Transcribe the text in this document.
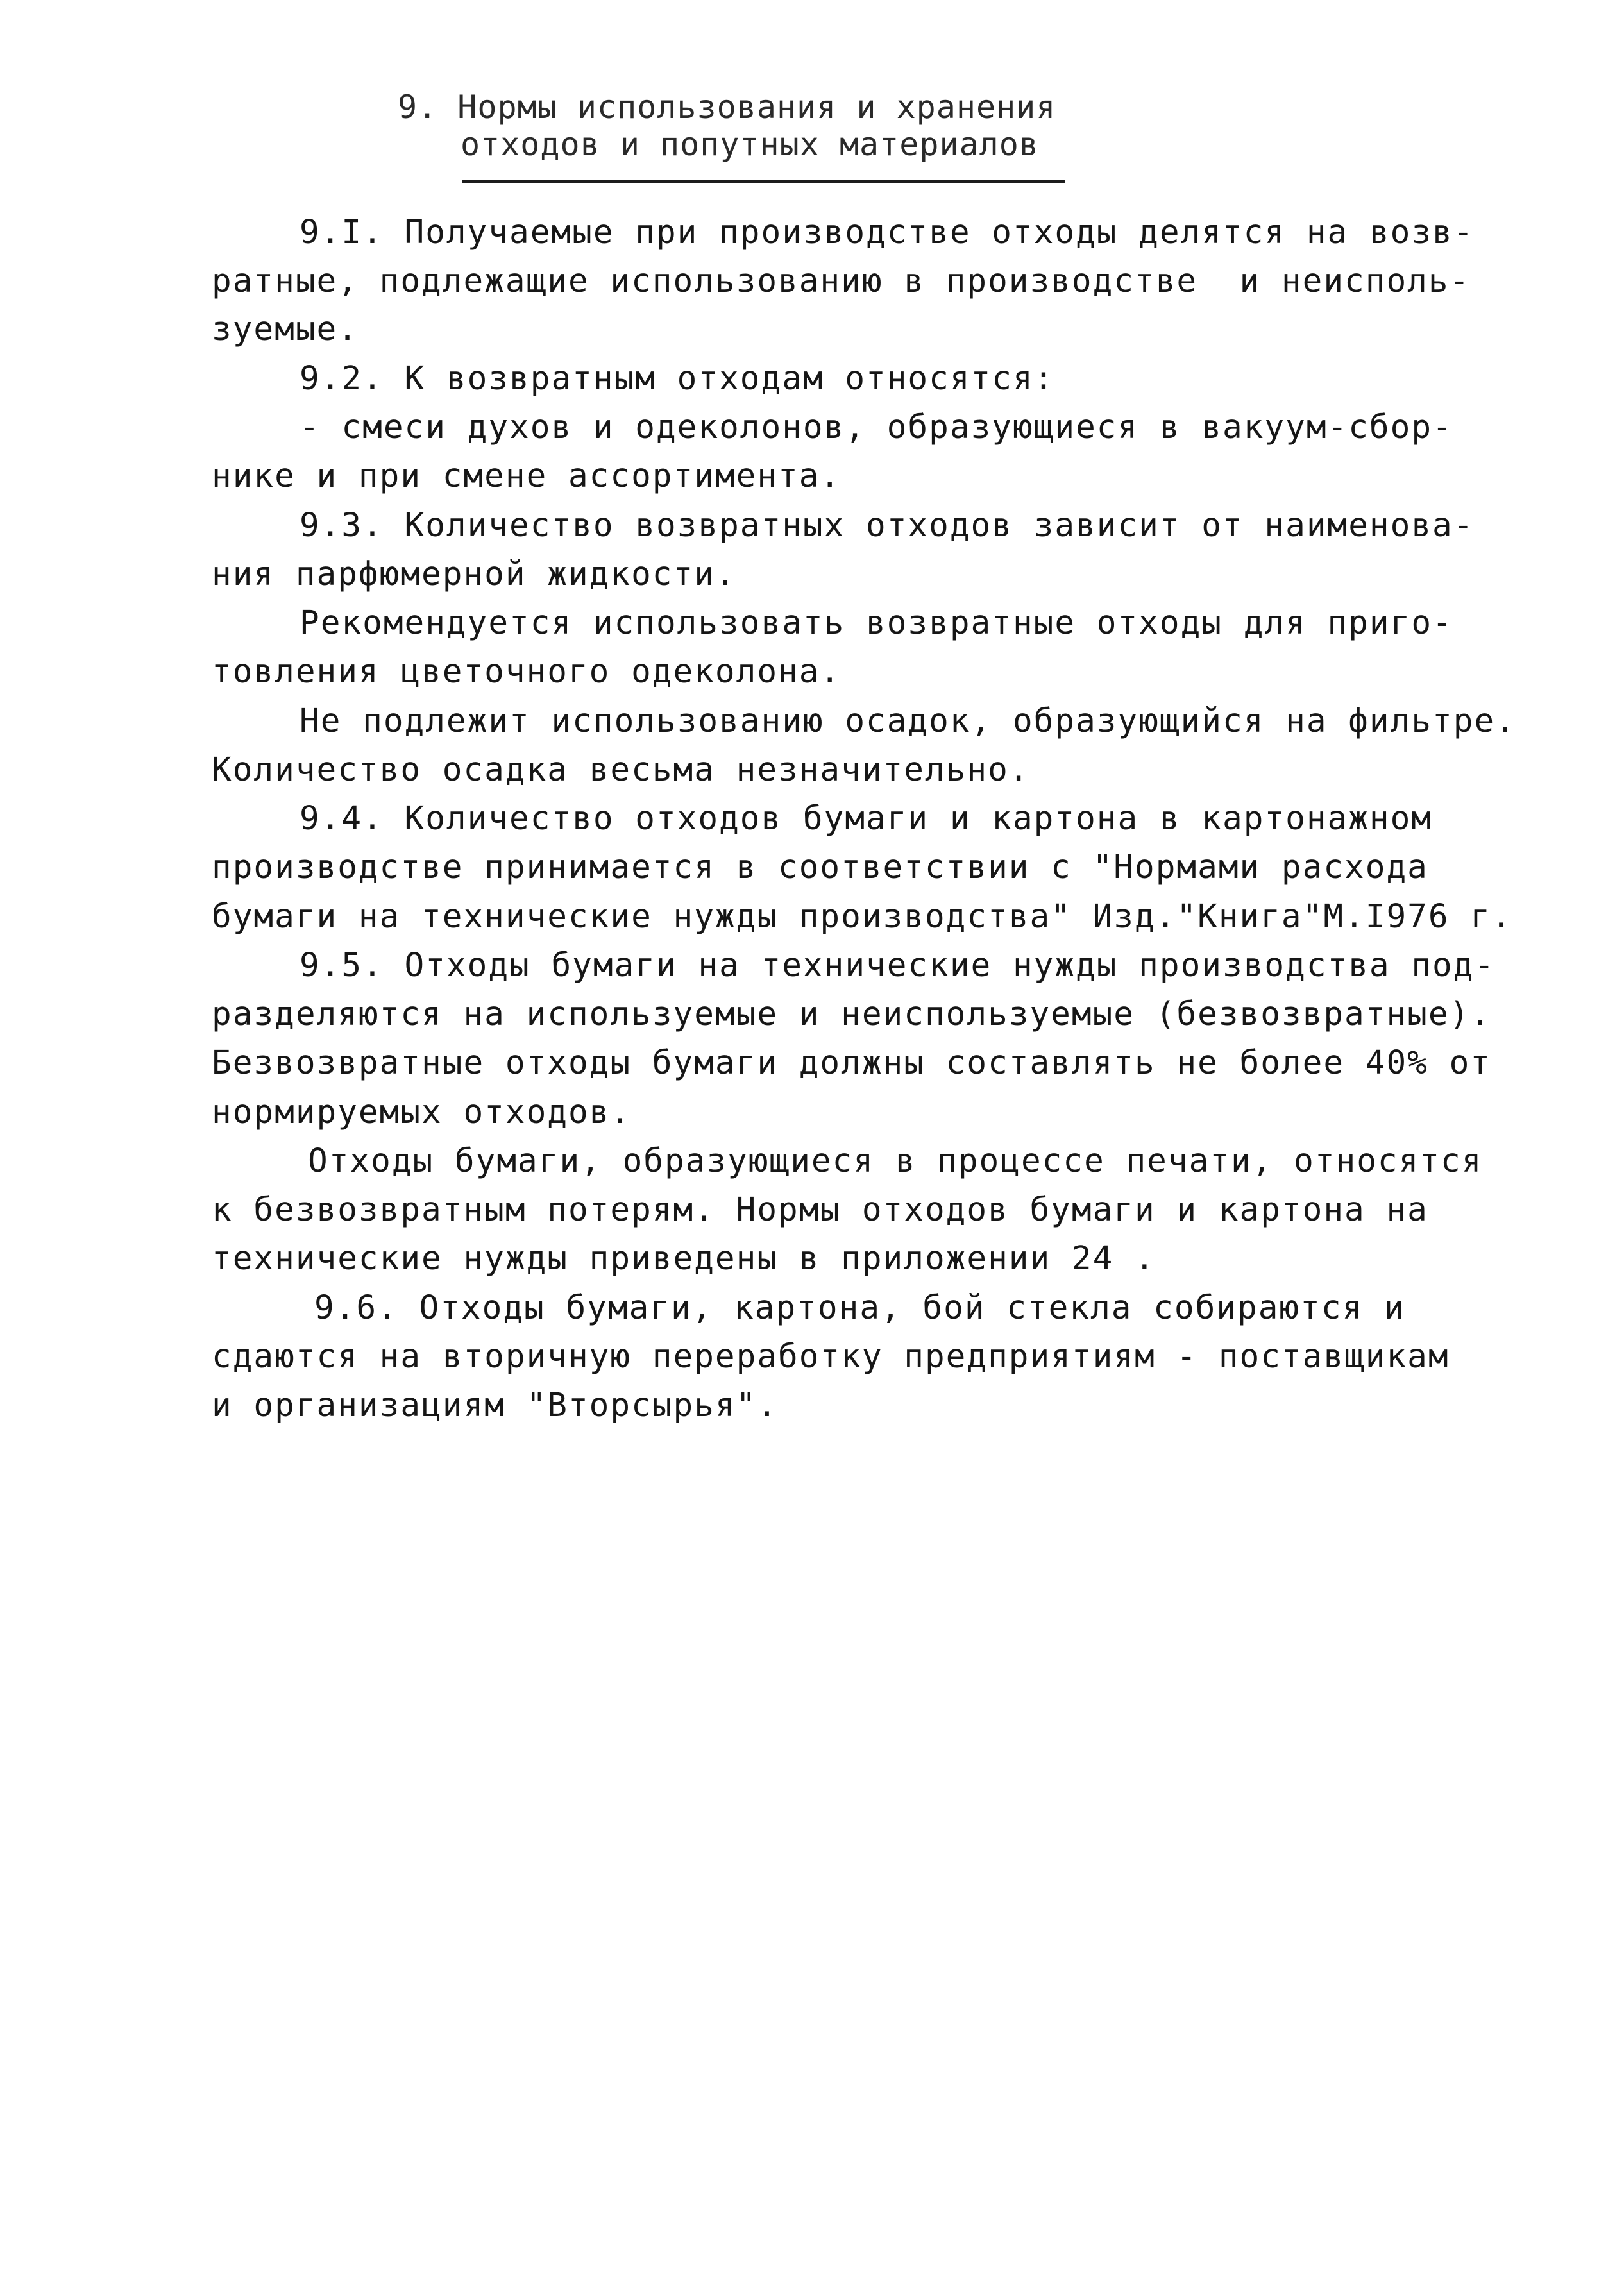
9. Нормы использования и хранения
отходов и попутных материалов
9.I. Получаемые при производстве отходы делятся на возв-
ратные, подлежащие использованию в производстве  и неисполь-
зуемые.
9.2. К возвратным отходам относятся:
- смеси духов и одеколонов, образующиеся в вакуум-сбор-
нике и при смене ассортимента.
9.3. Количество возвратных отходов зависит от наименова-
ния парфюмерной жидкости.
Рекомендуется использовать возвратные отходы для приго-
товления цветочного одеколона.
Не подлежит использованию осадок, образующийся на фильтре.
Количество осадка весьма незначительно.
9.4. Количество отходов бумаги и картона в картонажном
производстве принимается в соответствии с "Нормами расхода
бумаги на технические нужды производства" Изд."Книга"М.I976 г.
9.5. Отходы бумаги на технические нужды производства под-
разделяются на используемые и неиспользуемые (безвозвратные).
Безвозвратные отходы бумаги должны составлять не более 40% от
нормируемых отходов.
Отходы бумаги, образующиеся в процессе печати, относятся
к безвозвратным потерям. Нормы отходов бумаги и картона на
технические нужды приведены в приложении 24 .
9.6. Отходы бумаги, картона, бой стекла собираются и
сдаются на вторичную переработку предприятиям - поставщикам
и организациям "Вторсырья".
